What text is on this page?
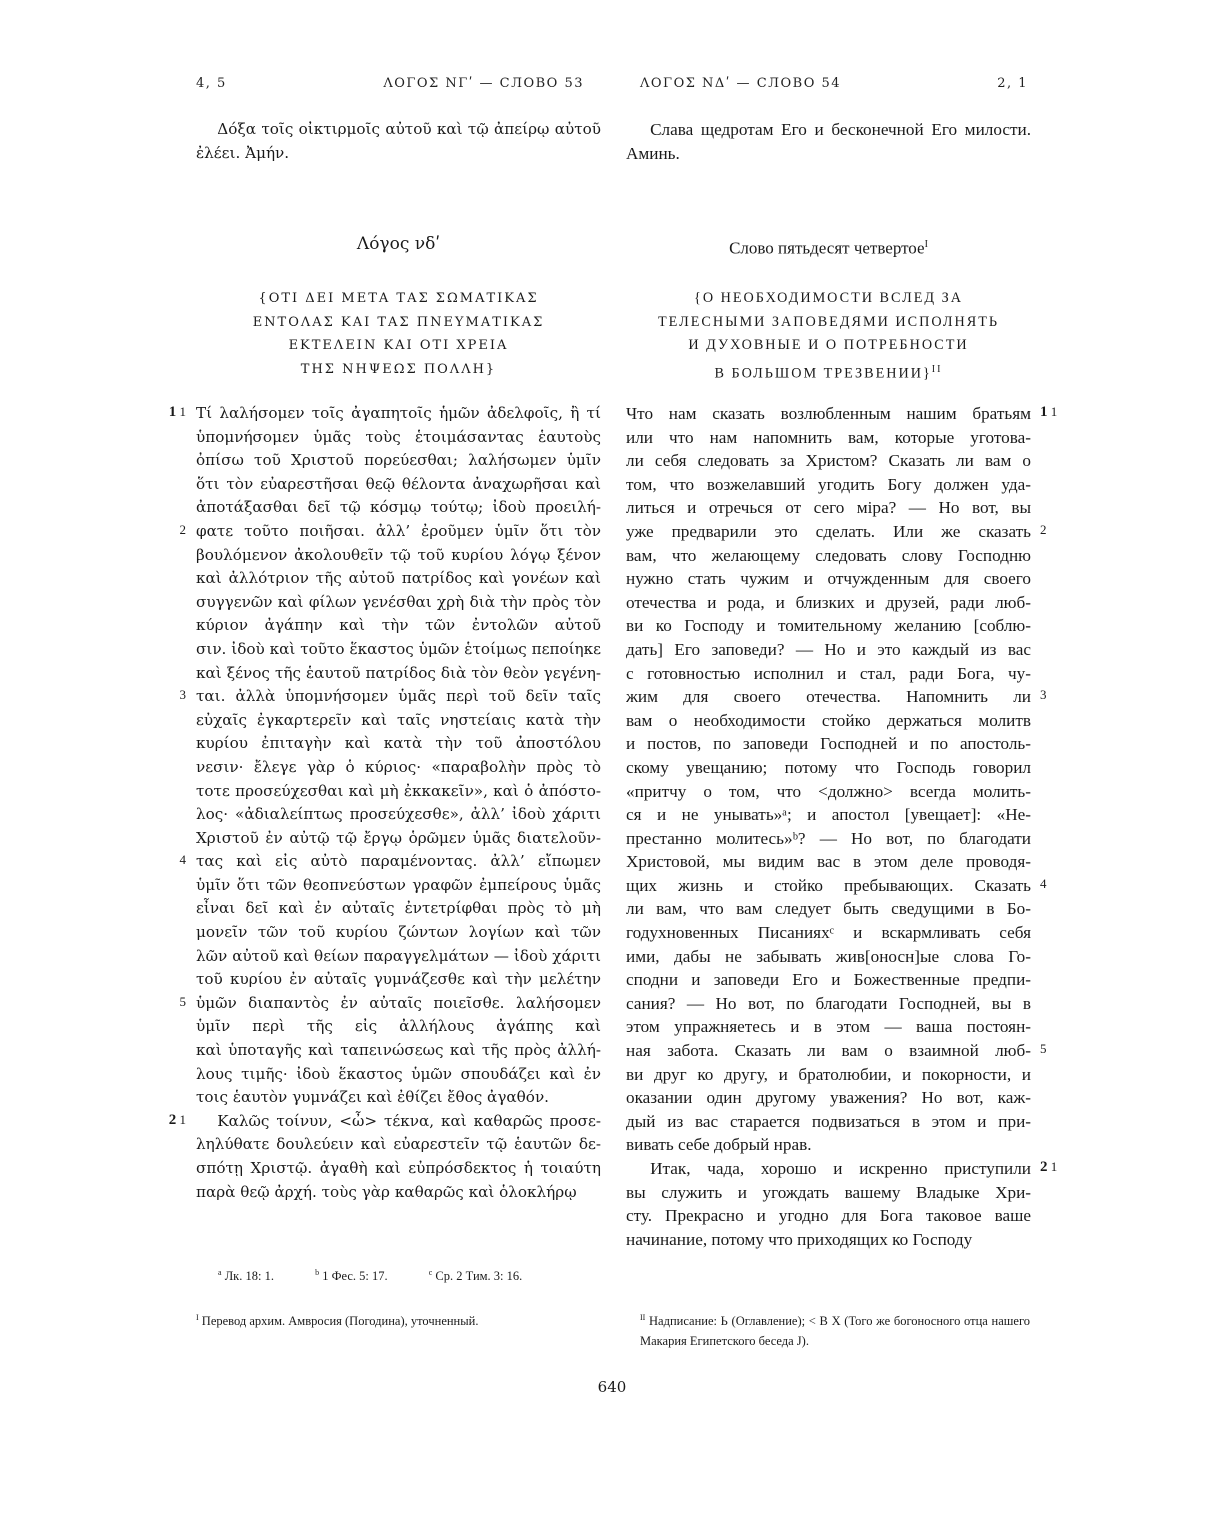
4, 5	ΛΟΓΟΣ ΝΓʹ — СЛОВО 53	ΛΟΓΟΣ ΝΔʹ — СЛОВО 54	2, 1

Δόξα τοῖς οἰκτιρμοῖς αὐτοῦ καὶ τῷ ἀπείρῳ αὐτοῦ ἐλέει. Ἀμήν.

Слава щедротам Его и бесконечной Его милости. Аминь.

Λόγος νδʹ	Слово пятьдесят четвертое$^I$
{ΟΤΙ ΔΕΙ ΜΕΤΑ ΤΑΣ ΣΩΜΑΤΙΚΑΣ
ΕΝΤΟΛΑΣ ΚΑΙ ΤΑΣ ΠΝΕΥΜΑΤΙΚΑΣ
ΕΚΤΕΛΕΙΝ ΚΑΙ ΟΤΙ ΧΡΕΙΑ
ΤΗΣ ΝΗΨΕΩΣ ΠΟΛΛΗ}
{О НЕОБХОДИМОСТИ ВСЛЕД ЗА
ТЕЛЕСНЫМИ ЗАПОВЕДЯМИ ИСПОЛНЯТЬ
И ДУХОВНЫЕ И О ПОТРЕБНОСТИ
В БОЛЬШОМ ТРЕЗВЕНИИ}$^{II}$
Τί λαλήσομεν τοῖς ἀγαπητοῖς ἡμῶν ἀδελφοῖς, ἢ τί
ὑπομνήσομεν ὑμᾶς τοὺς ἑτοιμάσαντας ἑαυτοὺς
ὀπίσω τοῦ Χριστοῦ πορεύεσθαι; λαλήσωμεν ὑμῖν
ὅτι τὸν εὐαρεστῆσαι θεῷ θέλοντα ἀναχωρῆσαι καὶ
ἀποτάξασθαι δεῖ τῷ κόσμῳ τούτῳ; ἰδοὺ προειλή-
φατε τοῦτο ποιῆσαι. ἀλλ’ ἐροῦμεν ὑμῖν ὅτι τὸν
βουλόμενον ἀκολουθεῖν τῷ τοῦ κυρίου λόγῳ ξένον
καὶ ἀλλότριον τῆς αὐτοῦ πατρίδος καὶ γονέων καὶ
συγγενῶν καὶ φίλων γενέσθαι χρὴ διὰ τὴν πρὸς τὸν
κύριον ἀγάπην καὶ τὴν τῶν ἐντολῶν αὐτοῦ
σιν. ἰδοὺ καὶ τοῦτο ἕκαστος ὑμῶν ἑτοίμως πεποίηκε
καὶ ξένος τῆς ἑαυτοῦ πατρίδος διὰ τὸν θεὸν γεγένη-
ται. ἀλλὰ ὑπομνήσομεν ὑμᾶς περὶ τοῦ δεῖν ταῖς
εὐχαῖς ἐγκαρτερεῖν καὶ ταῖς νηστείαις κατὰ τὴν
κυρίου ἐπιταγὴν καὶ κατὰ τὴν τοῦ ἀποστόλου
νεσιν· ἔλεγε γὰρ ὁ κύριος· «παραβολὴν πρὸς τὸ
τοτε προσεύχεσθαι καὶ μὴ ἐκκακεῖν», καὶ ὁ ἀπόστο-
λος· «ἀδιαλείπτως προσεύχεσθε», ἀλλ’ ἰδοὺ χάριτι
Χριστοῦ ἐν αὐτῷ τῷ ἔργῳ ὁρῶμεν ὑμᾶς διατελοῦν-
τας καὶ εἰς αὐτὸ παραμένοντας. ἀλλ’ εἴπωμεν
ὑμῖν ὅτι τῶν θεοπνεύστων γραφῶν ἐμπείρους ὑμᾶς
εἶναι δεῖ καὶ ἐν αὐταῖς ἐντετρίφθαι πρὸς τὸ μὴ
μονεῖν τῶν τοῦ κυρίου ζώντων λογίων καὶ τῶν
λῶν αὐτοῦ καὶ θείων παραγγελμάτων — ἰδοὺ χάριτι
τοῦ κυρίου ἐν αὐταῖς γυμνάζεσθε καὶ τὴν μελέτην
ὑμῶν διαπαντὸς ἐν αὐταῖς ποιεῖσθε. λαλήσομεν
ὑμῖν περὶ τῆς εἰς ἀλλήλους ἀγάπης καὶ
καὶ ὑποταγῆς καὶ ταπεινώσεως καὶ τῆς πρὸς ἀλλή-
λους τιμῆς· ἰδοὺ ἕκαστος ὑμῶν σπουδάζει καὶ ἐν
τοις ἑαυτὸν γυμνάζει καὶ ἐθίζει ἔθος ἀγαθόν.
Καλῶς τοίνυν, <ὦ> τέκνα, καὶ καθαρῶς προσε-
ληλύθατε δουλεύειν καὶ εὐαρεστεῖν τῷ ἑαυτῶν δε-
σπότῃ Χριστῷ. ἀγαθὴ καὶ εὐπρόσδεκτος ἡ τοιαύτη
παρὰ θεῷ ἀρχή. τοὺς γὰρ καθαρῶς καὶ ὁλοκλήρῳ
Что нам сказать возлюбленным нашим братьям
или что нам напомнить вам, которые уготова-
ли себя следовать за Христом? Сказать ли вам о
том, что возжелавший угодить Богу должен уда-
литься и отречься от сего міра? — Но вот, вы
уже предварили это сделать. Или же сказать
вам, что желающему следовать слову Господню
нужно стать чужим и отчужденным для своего
отечества и рода, и близких и друзей, ради люб-
ви ко Господу и томительному желанию [соблю-
дать] Его заповеди? — Но и это каждый из вас
с готовностью исполнил и стал, ради Бога, чу-
жим для своего отечества. Напомнить ли
вам о необходимости стойко держаться молитв
и постов, по заповеди Господней и по апостоль-
скому увещанию; потому что Господь говорил
«притчу о том, что <должно> всегда молить-
ся и не унывать»ᵃ; и апостол [увещает]: «Не-
престанно молитесь»ᵇ? — Но вот, по благодати
Христовой, мы видим вас в этом деле проводя-
щих жизнь и стойко пребывающих. Сказать
ли вам, что вам следует быть сведущими в Бо-
годухновенных Писанияхᶜ и вскармливать себя
ими, дабы не забывать жив[оносн]ые слова Го-
сподни и заповеди Его и Божественные предпи-
сания? — Но вот, по благодати Господней, вы в
этом упражняетесь и в этом — ваша постоян-
ная забота. Сказать ли вам о взаимной люб-
ви друг ко другу, и братолюбии, и покорности, и
оказании один другому уважения? Но вот, каж-
дый из вас старается подвизаться в этом и при-
вивать себе добрый нрав.
Итак, чада, хорошо и искренно приступили
вы служить и угождать вашему Владыке Хри-
сту. Прекрасно и угодно для Бога таковое ваше
начинание, потому что приходящих ко Господу
1 1
2
3
4
5
2 1
1 1
2
3
4
5
2 1
$^a$ Лк. 18: 1.	$^b$ 1 Фес. 5: 17.	$^c$ Ср. 2 Тим. 3: 16.
$^I$ Перевод архим. Амвросия (Погодина), уточненный.	$^{II}$ Надписание: Ь (Оглавление); < B X (Того же богоносного отца нашего Макария Египетского беседа J).
640
